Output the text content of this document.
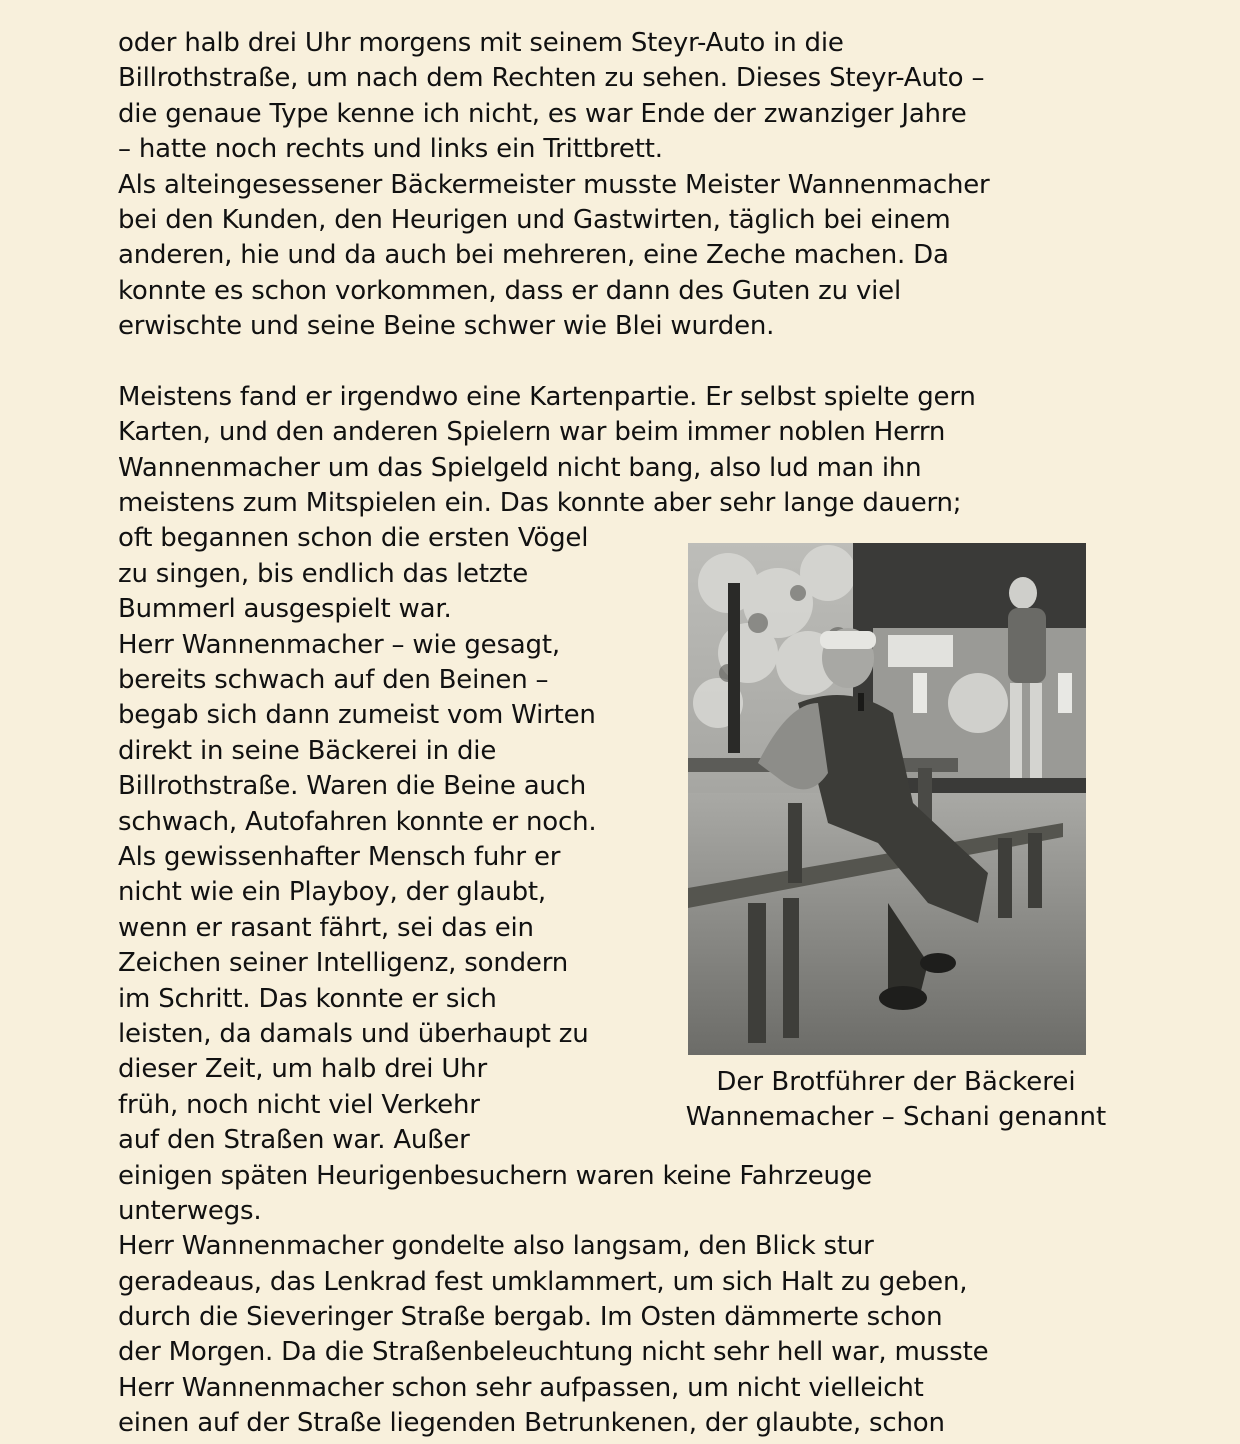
oder halb drei Uhr morgens mit seinem Steyr-Auto in die
Billrothstraße, um nach dem Rechten zu sehen. Dieses Steyr-Auto –
die genaue Type kenne ich nicht, es war Ende der zwanziger Jahre
– hatte noch rechts und links ein Trittbrett.
Als alteingesessener Bäckermeister musste Meister Wannenmacher
bei den Kunden, den Heurigen und Gastwirten, täglich bei einem
anderen, hie und da auch bei mehreren, eine Zeche machen. Da
konnte es schon vorkommen, dass er dann des Guten zu viel
erwischte und seine Beine schwer wie Blei wurden.
Meistens fand er irgendwo eine Kartenpartie. Er selbst spielte gern
Karten, und den anderen Spielern war beim immer noblen Herrn
Wannenmacher um das Spielgeld nicht bang, also lud man ihn
meistens zum Mitspielen ein. Das konnte aber sehr lange dauern;
oft begannen schon die ersten Vögel
zu singen, bis endlich das letzte
Bummerl ausgespielt war.
Herr Wannenmacher – wie gesagt,
bereits schwach auf den Beinen –
begab sich dann zumeist vom Wirten
direkt in seine Bäckerei in die
Billrothstraße. Waren die Beine auch
schwach, Autofahren konnte er noch.
Als gewissenhafter Mensch fuhr er
nicht wie ein Playboy, der glaubt,
wenn er rasant fährt, sei das ein
Zeichen seiner Intelligenz, sondern
im Schritt. Das konnte er sich
leisten, da damals und überhaupt zu
dieser Zeit, um halb drei Uhr
früh, noch nicht viel Verkehr
auf den Straßen war. Außer
einigen späten Heurigenbesuchern waren keine Fahrzeuge
unterwegs.
Herr Wannenmacher gondelte also langsam, den Blick stur
geradeaus, das Lenkrad fest umklammert, um sich Halt zu geben,
durch die Sieveringer Straße bergab. Im Osten dämmerte schon
der Morgen. Da die Straßenbeleuchtung nicht sehr hell war, musste
Herr Wannenmacher schon sehr aufpassen, um nicht vielleicht
einen auf der Straße liegenden Betrunkenen, der glaubte, schon
Der Brotführer der Bäckerei
Wannemacher – Schani genannt
